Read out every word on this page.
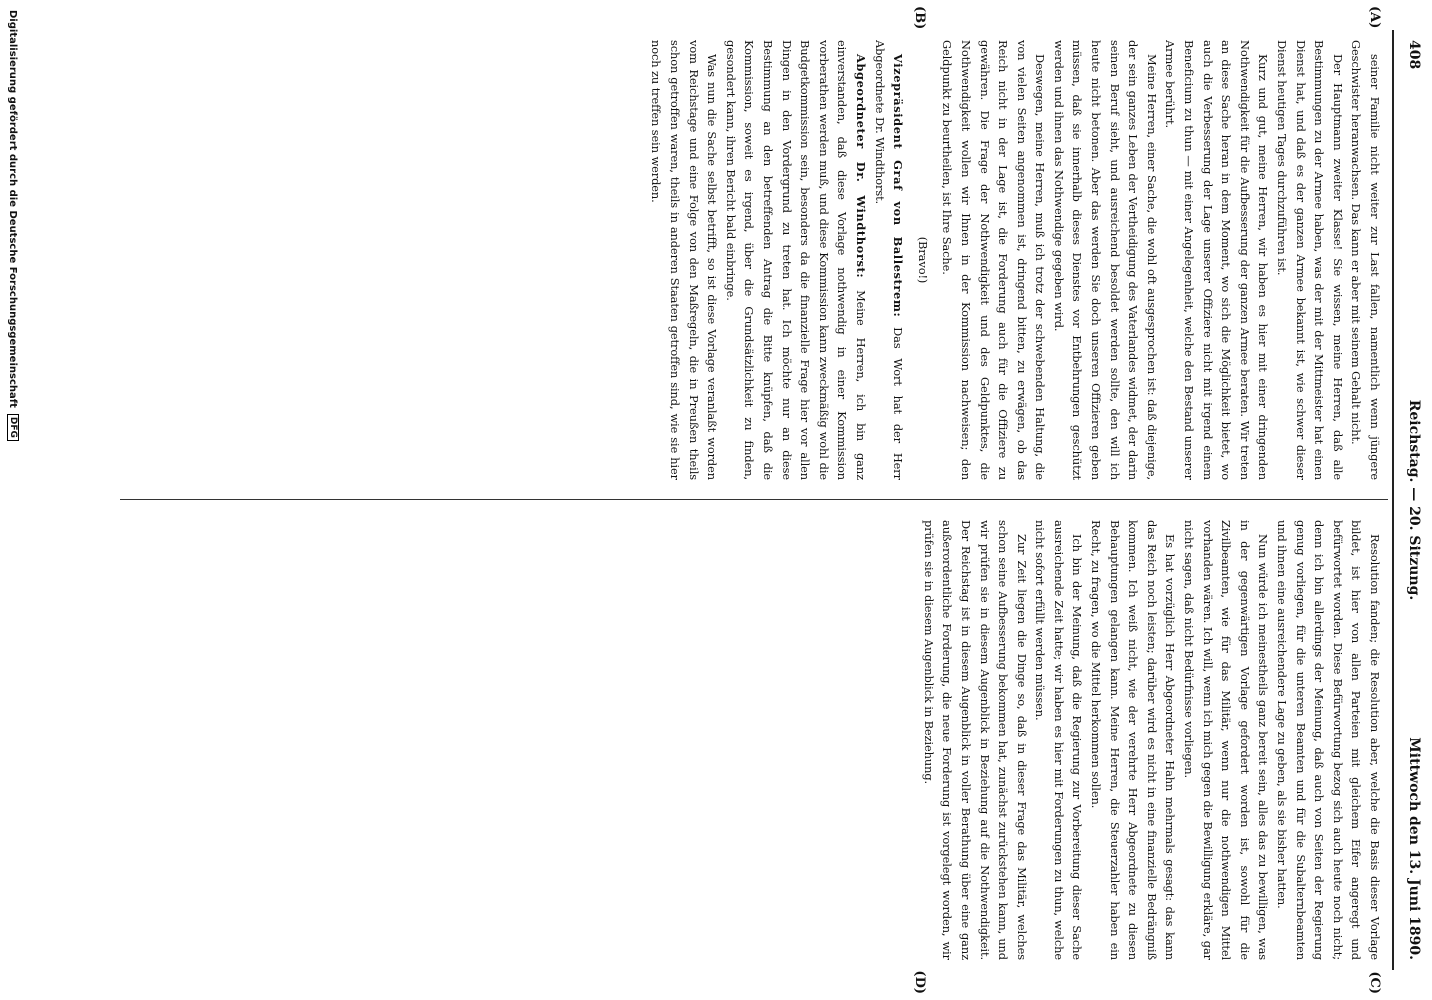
408
Reichstag. — 20. Sitzung.
Mittwoch den 13. Juni 1890.
(A)
(B)
(C)
(D)

seiner Familie nicht weiter zur Last fallen, namentlich wenn jüngere Geschwister heranwachsen. Das kann er aber mit seinem Gehalt nicht.

Der Hauptmann zweiter Klasse! Sie wissen, meine Herren, daß alle Bestimmungen zu der Armee haben, was der mit der Mittmeister hat einen Dienst hat, und daß es der ganzen Armee bekannt ist, wie schwer dieser Dienst heutigen Tages durchzuführen ist.

Kurz und gut, meine Herren, wir haben es hier mit einer dringenden Nothwendigkeit für die Aufbesserung der ganzen Armee beraten. Wir treten an diese Sache heran in dem Moment, wo sich die Möglichkeit bietet, wo auch die Verbesserung der Lage unserer Offiziere nicht mit irgend einem Beneficium zu thun — mit einer Angelegenheit, welche den Bestand unserer Armee berührt.

Meine Herren, einer Sache, die wohl oft ausgesprochen ist: daß diejenige, der sein ganzes Leben der Vertheidigung des Vaterlandes widmet, der darin seinen Beruf sieht, und ausreichend besoldet werden sollte, den will ich heute nicht betonen. Aber das werden Sie doch unseren Offizieren geben müssen, daß sie innerhalb dieses Dienstes vor Entbehrungen geschützt werden und ihnen das Nothwendige gegeben wird.

Deswegen, meine Herren, muß ich trotz der schwebenden Haltung, die von vielen Seiten angenommen ist, dringend bitten, zu erwägen, ob das Reich nicht in der Lage ist, die Forderung auch für die Offiziere zu gewähren. Die Frage der Nothwendigkeit und des Geldpunktes, die Nothwendigkeit wollen wir Ihnen in der Kommission nachweisen; den Geldpunkt zu beurtheilen, ist Ihre Sache.

(Bravo!)

Vizepräsident Graf von Ballestrem: Das Wort hat der Herr Abgeordnete Dr. Windthorst.

Abgeordneter Dr. Windthorst: Meine Herren, ich bin ganz einverstanden, daß diese Vorlage nothwendig in einer Kommission vorberathen werden muß, und diese Kommission kann zweckmäßig wohl die Budgetkommission sein, besonders da die finanzielle Frage hier vor allen Dingen in den Vordergrund zu treten hat. Ich möchte nur an diese Bestimmung an den betreffenden Antrag die Bitte knüpfen, daß die Kommission, soweit es irgend, über die Grundsätzlichkeit zu finden, gesondert kann, ihren Bericht bald einbringe.

Was nun die Sache selbst betrifft, so ist diese Vorlage veranlaßt worden vom Reichstage und eine Folge von den Maßregeln, die in Preußen theils schon getroffen waren, theils in anderen Staaten getroffen sind, wie sie hier noch zu treffen sein werden.

Resolution fanden; die Resolution aber, welche die Basis dieser Vorlage bildet, ist hier von allen Parteien mit gleichem Eifer angeregt und befürwortet worden. Diese Befürwortung bezog sich auch heute noch nicht; denn ich bin allerdings der Meinung, daß auch von Seiten der Regierung genug vorliegen, für die unteren Beamten und für die Subalternbeamten und ihnen eine ausreichendere Lage zu geben, als sie bisher hatten.

Nun würde ich meinestheils ganz bereit sein, alles das zu bewilligen, was in der gegenwärtigen Vorlage gefordert worden ist, sowohl für die Zivilbeamten, wie für das Militär, wenn nur die nothwendigen Mittel vorhanden wären. Ich will, wenn ich mich gegen die Bewilligung erkläre, gar nicht sagen, daß nicht Bedürfnisse vorliegen.

Es hat vorzüglich Herr Abgeordneter Hahn mehrmals gesagt: das kann das Reich noch leisten; darüber wird es nicht in eine finanzielle Bedrängniß kommen. Ich weiß nicht, wie der verehrte Herr Abgeordnete zu diesen Behauptungen gelangen kann. Meine Herren, die Steuerzahler haben ein Recht, zu fragen, wo die Mittel herkommen sollen.

Ich bin der Meinung, daß die Regierung zur Vorbereitung dieser Sache ausreichende Zeit hatte; wir haben es hier mit Forderungen zu thun, welche nicht sofort erfüllt werden müssen.

Zur Zeit liegen die Dinge so, daß in dieser Frage das Militär, welches schon seine Aufbesserung bekommen hat, zunächst zurückstehen kann, und wir prüfen sie in diesem Augenblick in Beziehung auf die Nothwendigkeit. Der Reichstag ist in diesem Augenblick in voller Berathung über eine ganz außerordentliche Forderung, die neue Forderung ist vorgelegt worden, wir prüfen sie in diesem Augenblick in Beziehung.

Digitalisierung gefördert durch die Deutsche Forschungsgemeinschaft
DFG
